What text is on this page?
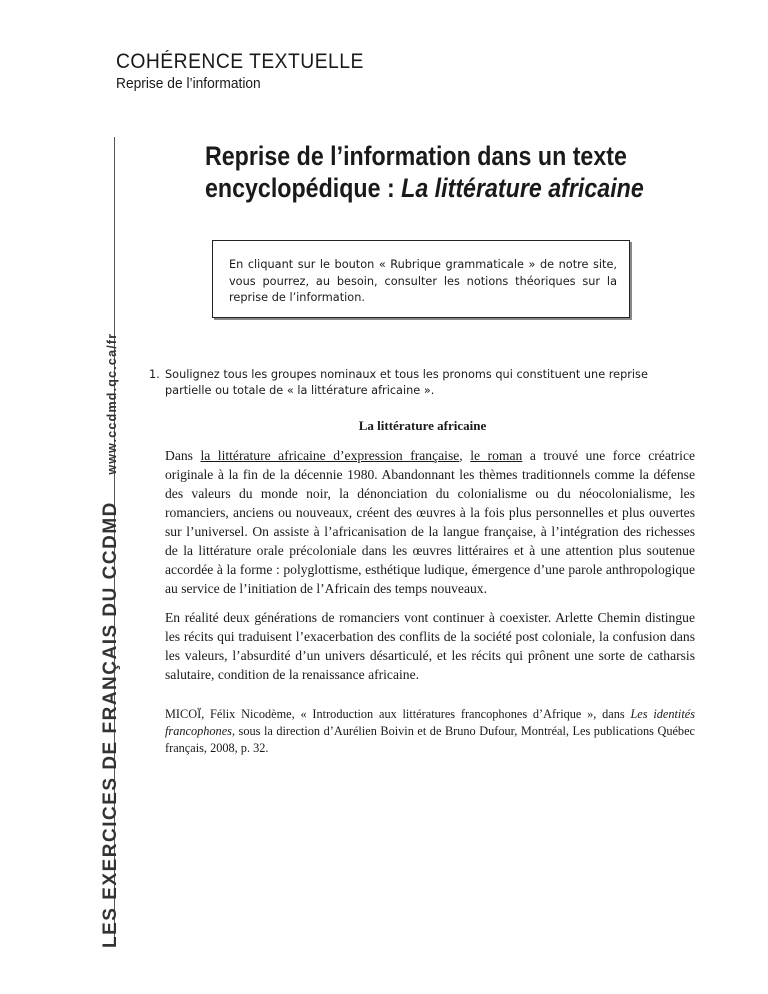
COHÉRENCE TEXTUELLE
Reprise de l’information
LES EXERCICES DE FRANÇAIS DU CCDMD www.ccdmd.qc.ca/fr
Reprise de l’information dans un texte
encyclopédique : La littérature africaine
En cliquant sur le bouton « Rubrique grammaticale » de notre site, vous pourrez, au besoin, consulter les notions théoriques sur la reprise de l’information.
1. Soulignez tous les groupes nominaux et tous les pronoms qui constituent une reprise
partielle ou totale de « la littérature africaine ».
La littérature africaine

Dans la littérature africaine d’expression française, le roman a trouvé une force créatrice originale à la fin de la décennie 1980. Abandonnant les thèmes traditionnels comme la défense des valeurs du monde noir, la dénonciation du colonialisme ou du néocolonialisme, les romanciers, anciens ou nouveaux, créent des œuvres à la fois plus personnelles et plus ouvertes sur l’universel. On assiste à l’africanisation de la langue française, à l’intégration des richesses de la littérature orale précoloniale dans les œuvres littéraires et à une attention plus soutenue accordée à la forme : polyglottisme, esthétique ludique, émergence d’une parole anthropologique au service de l’initiation de l’Africain des temps nouveaux.

En réalité deux générations de romanciers vont continuer à coexister. Arlette Chemin distingue les récits qui traduisent l’exacerbation des conflits de la société post coloniale, la confusion dans les valeurs, l’absurdité d’un univers désarticulé, et les récits qui prônent une sorte de catharsis salutaire, condition de la renaissance africaine.

MICOÏ, Félix Nicodème, « Introduction aux littératures francophones d’Afrique », dans Les identités francophones, sous la direction d’Aurélien Boivin et de Bruno Dufour, Montréal, Les publications Québec français, 2008, p. 32.
